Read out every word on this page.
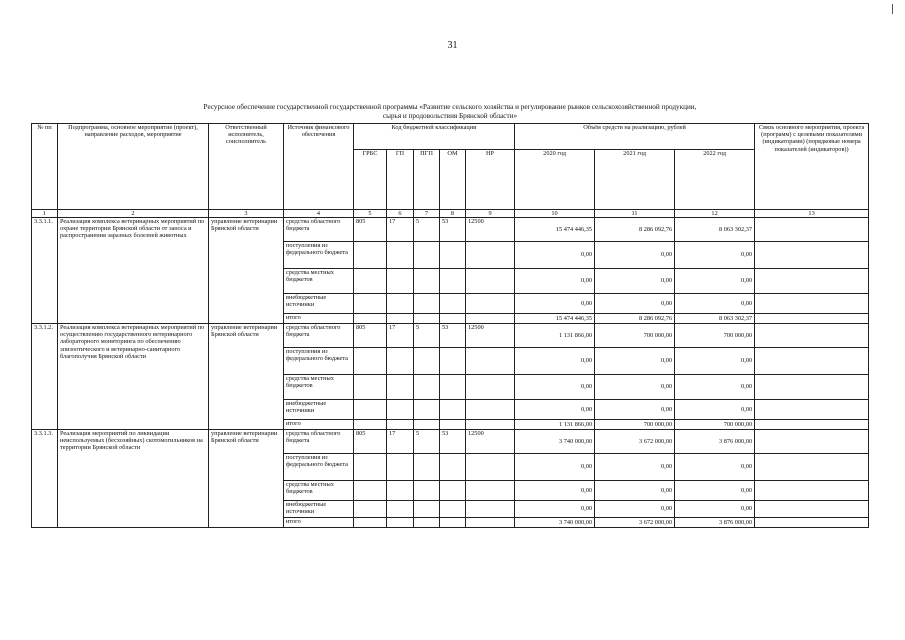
31
Ресурсное обеспечение государственной государственной программы «Развитие сельского хозяйства и регулирование рынков сельскохозяйственной продукции,
сырья и продовольствия Брянской области»
№ пп	Подпрограмма, основное мероприятие (проект), направление расходов, мероприятие	Ответственный исполнитель, соисполнитель	Источник финансового обеспечения	Код бюджетной классификации					Объём средств на реализацию, рублей			Связь основного мероприятия, проекта (программ) с целевыми показателями (индикаторами) (порядковые номера показателей (индикаторов))
				ГРБС	ГП	ПГП	ОМ	НР	2020 год	2021 год	2022 год	
1	2	3	4	5	6	7	8	9	10	11	12	13
3.3.1.1.	Реализация комплекса ветеринарных мероприятий по охране территории Брянской области от заноса и распространения заразных болезней животных	управление ветеринарии Брянской области	средства областного бюджета	805	17	5	53	12500	15 474 446,35	8 286 092,76	8 063 302,37	
			поступления из федерального бюджета						0,00	0,00	0,00	
			средства местных бюджетов						0,00	0,00	0,00	
			внебюджетные источники						0,00	0,00	0,00	
			итого						15 474 446,35	8 286 092,76	8 063 302,37	
3.3.1.2.	Реализация комплекса ветеринарных мероприятий по осуществлению государственного ветеринарного лабораторного мониторинга по обеспечению эпизоотического и ветеринарно-санитарного благополучия Брянской области	управление ветеринарии Брянской области	средства областного бюджета	805	17	5	53	12500	1 131 866,00	700 000,00	700 000,00	
			поступления из федерального бюджета						0,00	0,00	0,00	
			средства местных бюджетов						0,00	0,00	0,00	
			внебюджетные источники						0,00	0,00	0,00	
			итого						1 131 866,00	700 000,00	700 000,00	
3.3.1.3.	Реализация мероприятий по ликвидации неиспользуемых (бесхозяйных) скотомогильников на территории Брянской области	управление ветеринарии Брянской области	средства областного бюджета	805	17	5	53	12500	3 740 000,00	3 672 000,00	3 876 000,00	
			поступления из федерального бюджета						0,00	0,00	0,00	
			средства местных бюджетов						0,00	0,00	0,00	
			внебюджетные источники						0,00	0,00	0,00	
			итого						3 740 000,00	3 672 000,00	3 876 000,00	
